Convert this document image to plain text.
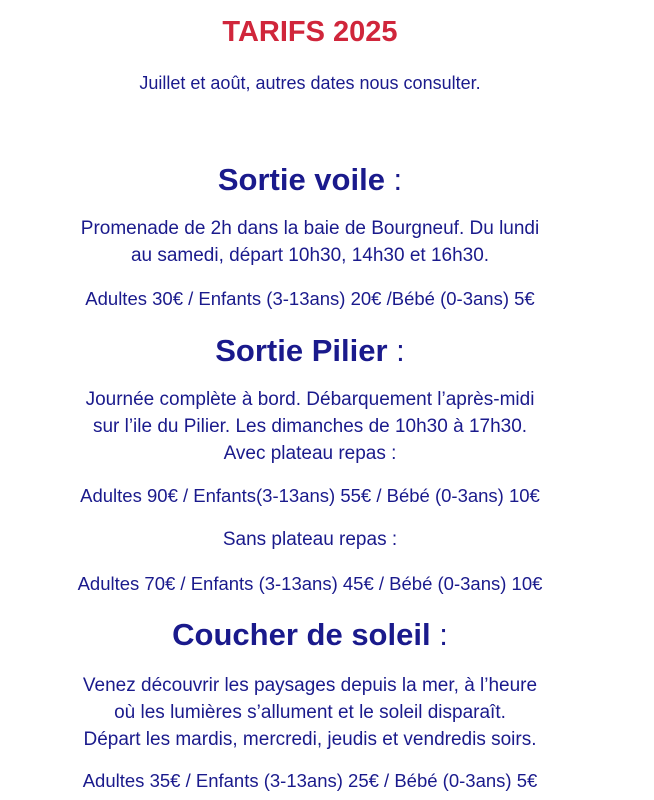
TARIFS 2025
Juillet et août, autres dates nous consulter.
Sortie voile :
Promenade de 2h dans la baie de Bourgneuf. Du lundi
au samedi, départ 10h30, 14h30 et 16h30.
Adultes 30€ / Enfants (3-13ans) 20€ /Bébé (0-3ans) 5€
Sortie Pilier :
Journée complète à bord. Débarquement l’après-midi
sur l’ile du Pilier. Les dimanches de 10h30 à 17h30.
Avec plateau repas :
Adultes 90€ / Enfants(3-13ans) 55€ / Bébé (0-3ans) 10€
Sans plateau repas :
Adultes 70€ / Enfants (3-13ans) 45€ / Bébé (0-3ans) 10€
Coucher de soleil :
Venez découvrir les paysages depuis la mer, à l’heure
où les lumières s’allument et le soleil disparaît.
Départ les mardis, mercredi, jeudis et vendredis soirs.
Adultes 35€ / Enfants (3-13ans) 25€ / Bébé (0-3ans) 5€
